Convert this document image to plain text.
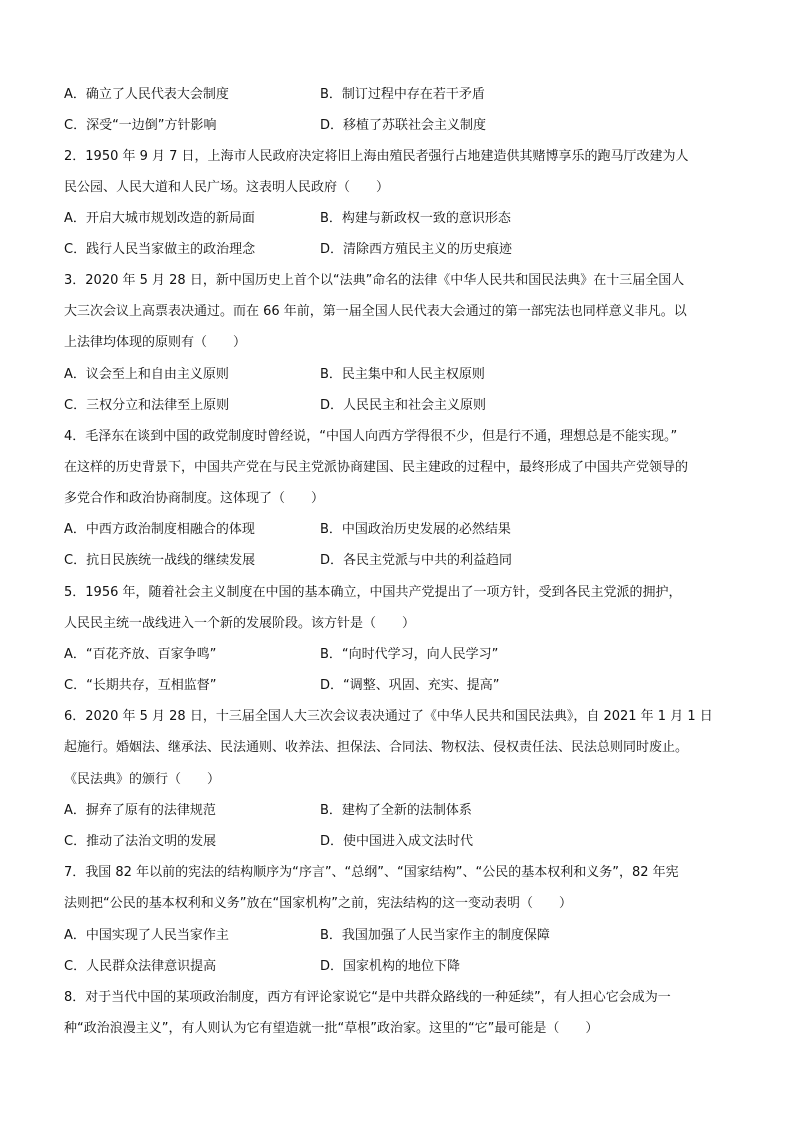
A．确立了人民代表大会制度	B．制订过程中存在若干矛盾
C．深受“一边倒”方针影响	D．移植了苏联社会主义制度
2．1950 年 9 月 7 日，上海市人民政府决定将旧上海由殖民者强行占地建造供其赌博享乐的跑马厅改建为人
民公园、人民大道和人民广场。这表明人民政府（　　）
A．开启大城市规划改造的新局面	B．构建与新政权一致的意识形态
C．践行人民当家做主的政治理念	D．清除西方殖民主义的历史痕迹
3．2020 年 5 月 28 日，新中国历史上首个以“法典”命名的法律《中华人民共和国民法典》在十三届全国人
大三次会议上高票表决通过。而在 66 年前，第一届全国人民代表大会通过的第一部宪法也同样意义非凡。以
上法律均体现的原则有（　　）
A．议会至上和自由主义原则	B．民主集中和人民主权原则
C．三权分立和法律至上原则	D．人民民主和社会主义原则
4．毛泽东在谈到中国的政党制度时曾经说，“中国人向西方学得很不少，但是行不通，理想总是不能实现。”
在这样的历史背景下，中国共产党在与民主党派协商建国、民主建政的过程中，最终形成了中国共产党领导的
多党合作和政治协商制度。这体现了（　　）
A．中西方政治制度相融合的体现	B．中国政治历史发展的必然结果
C．抗日民族统一战线的继续发展	D．各民主党派与中共的利益趋同
5．1956 年，随着社会主义制度在中国的基本确立，中国共产党提出了一项方针，受到各民主党派的拥护，
人民民主统一战线进入一个新的发展阶段。该方针是（　　）
A．“百花齐放、百家争鸣”	B．“向时代学习，向人民学习”
C．“长期共存，互相监督”	D．“调整、巩固、充实、提高”
6．2020 年 5 月 28 日，十三届全国人大三次会议表决通过了《中华人民共和国民法典》，自 2021 年 1 月 1 日
起施行。婚姻法、继承法、民法通则、收养法、担保法、合同法、物权法、侵权责任法、民法总则同时废止。
《民法典》的颁行（　　）
A．摒弃了原有的法律规范	B．建构了全新的法制体系
C．推动了法治文明的发展	D．使中国进入成文法时代
7．我国 82 年以前的宪法的结构顺序为“序言”、“总纲”、“国家结构”、“公民的基本权利和义务”，82 年宪
法则把“公民的基本权利和义务”放在“国家机构”之前，宪法结构的这一变动表明（　　）
A．中国实现了人民当家作主	B．我国加强了人民当家作主的制度保障
C．人民群众法律意识提高	D．国家机构的地位下降
8．对于当代中国的某项政治制度，西方有评论家说它“是中共群众路线的一种延续”，有人担心它会成为一
种“政治浪漫主义”，有人则认为它有望造就一批“草根”政治家。这里的“它”最可能是（　　）
